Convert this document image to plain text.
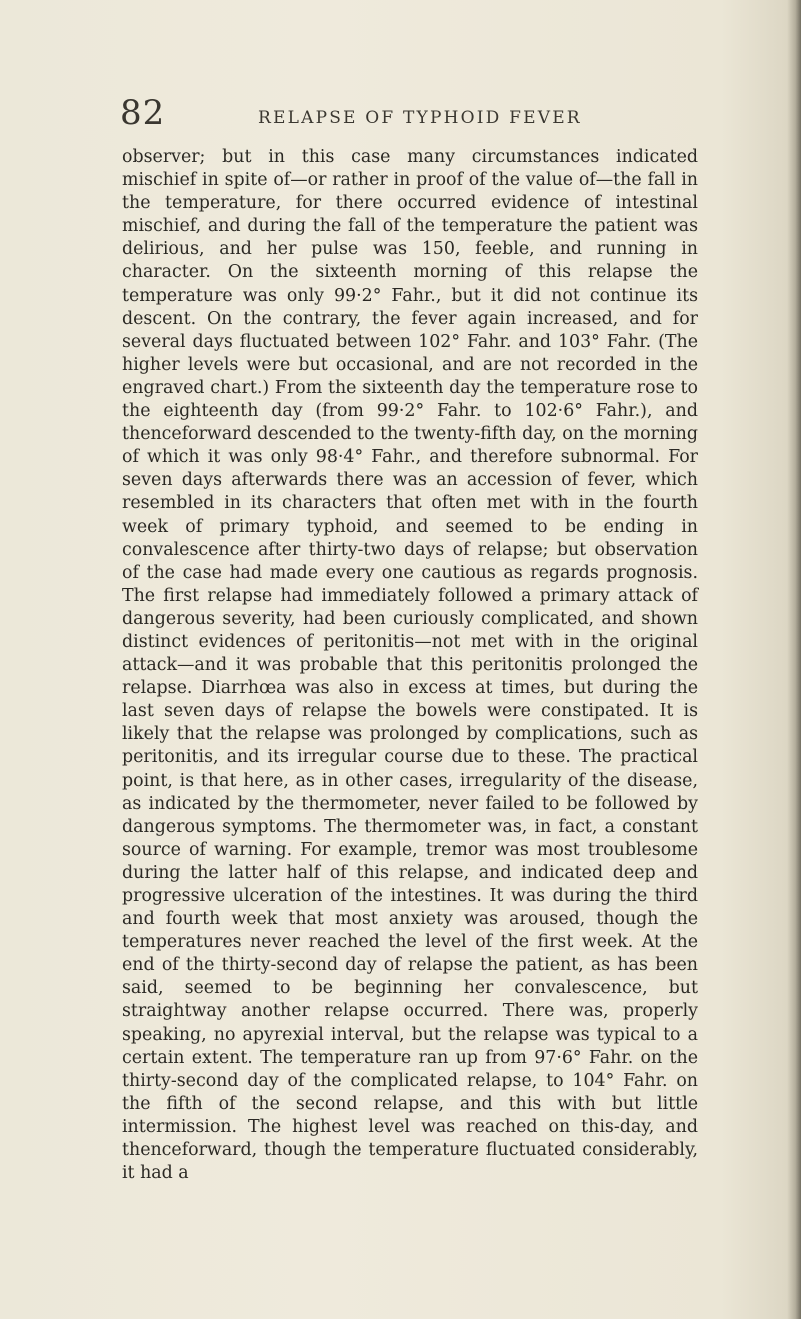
82	RELAPSE OF TYPHOID FEVER

observer; but in this case many circumstances indicated mischief in spite of—or rather in proof of the value of—the fall in the temperature, for there occurred evidence of intestinal mischief, and during the fall of the temperature the patient was delirious, and her pulse was 150, feeble, and running in character. On the sixteenth morning of this relapse the temperature was only 99·2° Fahr., but it did not continue its descent. On the contrary, the fever again increased, and for several days fluctuated between 102° Fahr. and 103° Fahr. (The higher levels were but occasional, and are not recorded in the engraved chart.) From the sixteenth day the temperature rose to the eighteenth day (from 99·2° Fahr. to 102·6° Fahr.), and thenceforward descended to the twenty-fifth day, on the morning of which it was only 98·4° Fahr., and therefore subnormal. For seven days afterwards there was an accession of fever, which resembled in its characters that often met with in the fourth week of primary typhoid, and seemed to be ending in convalescence after thirty-two days of relapse; but observation of the case had made every one cautious as regards prognosis. The first relapse had immediately followed a primary attack of dangerous severity, had been curiously complicated, and shown distinct evidences of peritonitis—not met with in the original attack—and it was probable that this peritonitis prolonged the relapse. Diarrhœa was also in excess at times, but during the last seven days of relapse the bowels were constipated. It is likely that the relapse was prolonged by complications, such as peritonitis, and its irregular course due to these. The practical point, is that here, as in other cases, irregularity of the disease, as indicated by the thermometer, never failed to be followed by dangerous symptoms. The thermometer was, in fact, a constant source of warning. For example, tremor was most troublesome during the latter half of this relapse, and indicated deep and progressive ulceration of the intestines. It was during the third and fourth week that most anxiety was aroused, though the temperatures never reached the level of the first week. At the end of the thirty-second day of relapse the patient, as has been said, seemed to be beginning her convalescence, but straightway another relapse occurred. There was, properly speaking, no apyrexial interval, but the relapse was typical to a certain extent. The temperature ran up from 97·6° Fahr. on the thirty-second day of the complicated relapse, to 104° Fahr. on the fifth of the second relapse, and this with but little intermission. The highest level was reached on this-day, and thenceforward, though the temperature fluctuated considerably, it had a
